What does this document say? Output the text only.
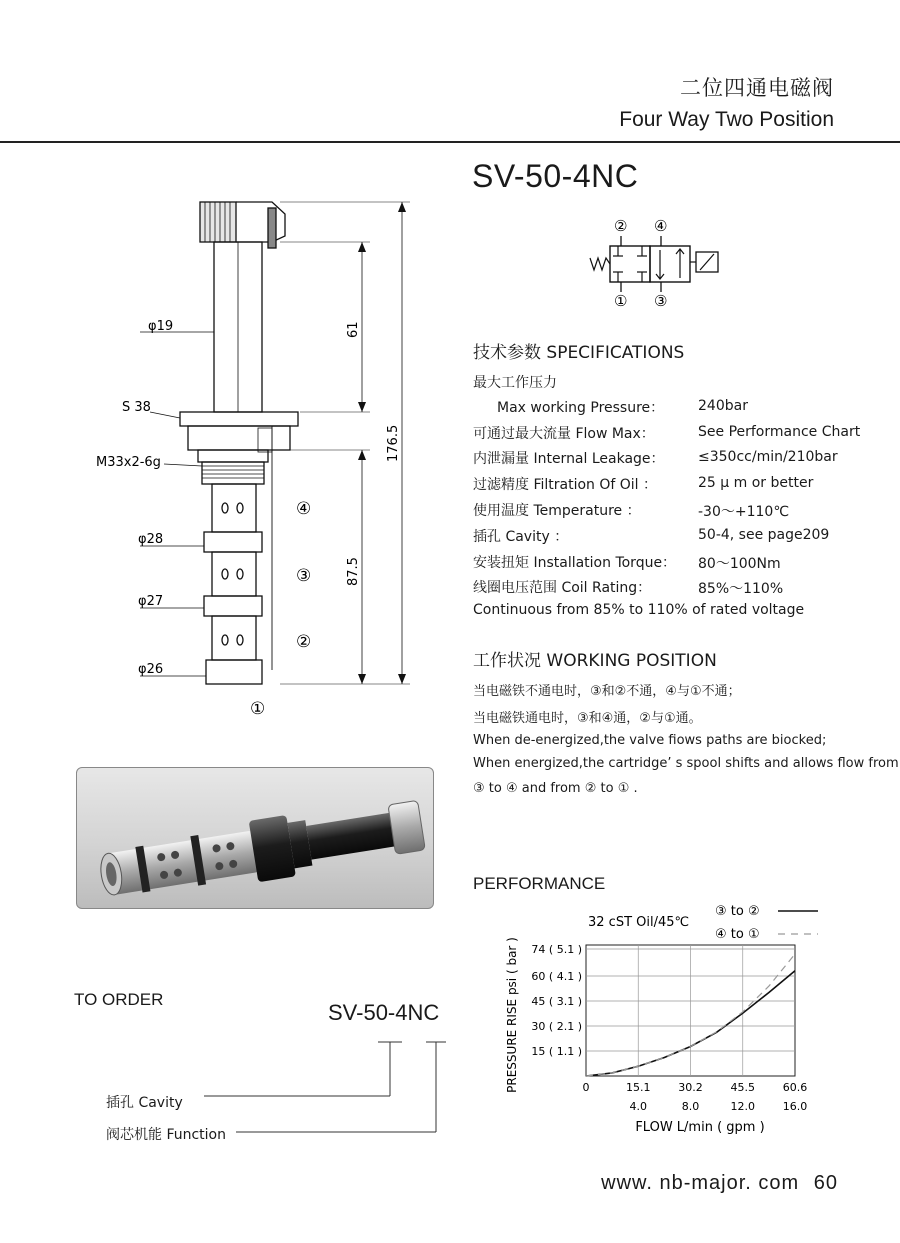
二位四通电磁阀
Four Way Two Position
SV-50-4NC
② ④
① ③
φ19
S 38
M33x2-6g
φ28
φ27
φ26
61
176.5
87.5
④
③
②
①
技术参数 SPECIFICATIONS
最大工作压力
Max working Pressure： 240bar
可通过最大流量 Flow Max：	See Performance Chart
内泄漏量 Internal Leakage： ≤350cc/min/210bar
过滤精度 Filtration Of Oil ：	25 μ m or better
使用温度 Temperature ：	-30～+110℃
插孔 Cavity ：	50-4, see page209
安装扭矩 Installation Torque： 80～100Nm
线圈电压范围 Coil Rating：	85%～110%
Continuous from 85% to 110% of rated voltage
工作状况 WORKING POSITION
当电磁铁不通电时，③和②不通，④与①不通；
当电磁铁通电时，③和④通，②与①通。
When de-energized,the valve fiows paths are biocked;
When energized,the cartridge’ s spool shifts and allows flow from
③ to ④ and from ② to ① .
PERFORMANCE
32 cST Oil/45℃
③ to ②
④ to ①
15 ( 1.1 )
30 ( 2.1 )
45 ( 3.1 )
60 ( 4.1 )
74 ( 5.1 )
0	15.1	30.2	45.5	60.6
4.0	8.0	12.0	16.0
FLOW L/min ( gpm )
PRESSURE RISE psi ( bar )
TO ORDER
SV-50-4NC
插孔 Cavity
阀芯机能 Function
www. nb-major. com 60
